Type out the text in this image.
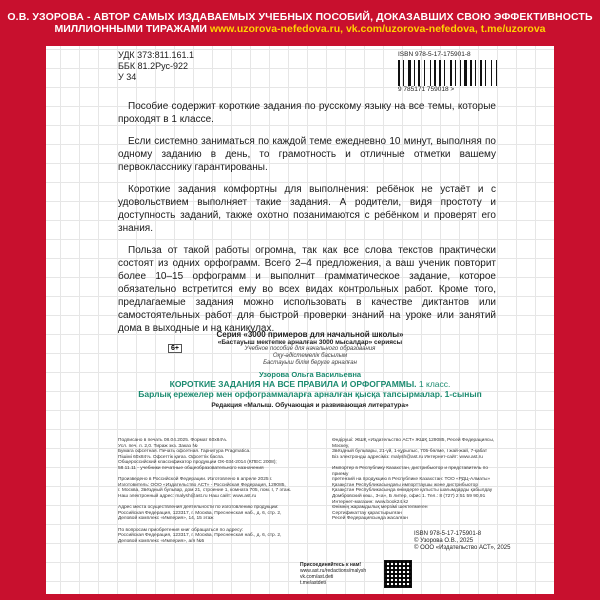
О.В. УЗОРОВА - АВТОР САМЫХ ИЗДАВАЕМЫХ УЧЕБНЫХ ПОСОБИЙ, ДОКАЗАВШИХ СВОЮ ЭФФЕКТИВНОСТЬ
МИЛЛИОННЫМИ ТИРАЖАМИ www.uzorova-nefedova.ru, vk.com/uzorova-nefedova, t.me/uzorova
УДК 373:811.161.1
ББК 81.2Рус-922
У 34
ISBN 978-5-17-175901-8
9 785171 759018 >

Пособие содержит короткие задания по русскому языку на все темы, которые проходят в 1 классе.

Если системно заниматься по каждой теме ежедневно 10 минут, выполняя по одному заданию в день, то грамотность и отличные отметки вашему первокласснику гарантированы.

Короткие задания комфортны для выполнения: ребёнок не устаёт и с удовольствием выполняет такие задания. А родители, видя простоту и доступность заданий, также охотно позанимаются с ребёнком и проверят его знания.

Польза от такой работы огромна, так как все слова текстов практически состоят из одних орфограмм. Всего 2–4 предложения, а ваш ученик повторит более 10–15 орфограмм и выполнит грамматическое задание, которое обязательно встретится ему во всех видах контрольных работ. Кроме того, предлагаемые задания можно использовать в качестве диктантов или самостоятельных работ для быстрой проверки знаний на уроке или занятий дома в выходные и на каникулах.

Серия «3000 примеров для начальной школы»
«Бастауыш мектепке арналған 3000 мысалдар» сериясы
Учебное пособие для начального образования
Оқу-әдістемелік басылым
Бастауыш білім беруге арналған
Узорова Ольга Васильевна
КОРОТКИЕ ЗАДАНИЯ НА ВСЕ ПРАВИЛА И ОРФОГРАММЫ. 1 класс.
Барлық ережелер мен орфограммаларға арналған қысқа тапсырмалар. 1-сынып
Редакция «Малыш. Обучающая и развивающая литература»
6+
Подписано в печать 08.04.2025. Формат 60х84⅛.
Усл. печ. л. 2,0. Тираж экз. Заказ №
Бумага офсетная. Печать офсетная. Гарнитура Pragmatica.
Пішімі 60х84⅛. Офсеттік қағаз. Офсеттік баспа.
Общероссийский классификатор продукции ОК-034-2014 (КПЕС 2008);
58.11.11 - учебники печатные общеобразовательного назначения

Произведено в Российской Федерации. Изготовлено в апреле 2025 г.
Изготовитель: ООО «Издательство АСТ» - Российская Федерация, 129085,
г. Москва, Звёздный бульвар, дом 21, строение 1, комната 705, пом. I, 7 этаж.
Наш электронный адрес: malysh@ast.ru Наш сайт: www.ast.ru

Адрес места осуществления деятельности по изготовлению продукции:
Российская Федерация, 123317, г. Москва, Пресненская наб., д. 6, стр. 2,
Деловой комплекс «Империя», 14, 15 этаж

По вопросам приобретения книг обращаться по адресу:
Российская Федерация, 123317, г. Москва, Пресненская наб., д. 6, стр. 2,
Деловой комплекс «Империя», а/я №5
Өндіруші: ЖШҚ «Издательство АСТ» ЖШҚ 129085, Ресей Федерациясы, Мәскеу,
Звёздный бульвары, 21-үй, 1-құрылыс, 705-бөлме, I жай-жай, 7-қабат
Біз электронды адресіміз: malysh@ast.ru Интернет-сайт: www.ast.ru

Импортер в Республику Казахстан, дистрибьютор и представитель по приему
претензий на продукцию в Республике Казахстан: ТОО «РДЦ-Алматы»
Қазақстан Республикасындағы импорттаушы және дистрибьютор
Қазақстан Республикасында өнімдерге қатысты шағымдарды қабылдау
Домбровский көш., 3«а», Б литер, офис 1. Тел.: 8 (727) 2 51 59 90,91
Интернет-магазин: www.book24.kz
Өнімнің жарамдылық мерзімі шектелмеген
Сертификаттау қарастырылған
Ресей Федерациясында жасалған
ISBN 978-5-17-175901-8
© Узорова О.В., 2025
© ООО «Издательство АСТ», 2025
Присоединяйтесь к нам!
www.ast.ru/redactions/malysh
vk.com/ast.deti
t.me/astdeti
